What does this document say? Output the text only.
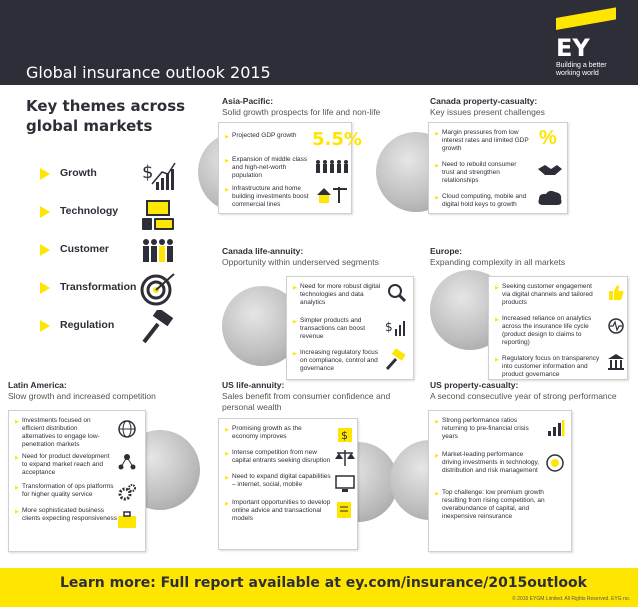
Global insurance outlook 2015
EY
Building a better working world
Key themes across global markets
Growth	$
Technology
Customer
Transformation
Regulation
Asia-Pacific:
Solid growth prospects for life and non-life
▶ Projected GDP growth 5.5%
▶ Expansion of middle class and high-net-worth population
▶ Infrastructure and home building investments boost commercial lines
Canada property-casualty:
Key issues present challenges
▶ Margin pressures from low interest rates and limited GDP growth
▶ Need to rebuild consumer trust and strengthen relationships
▶ Cloud computing, mobile and digital hold keys to growth
%
Canada life-annuity:
Opportunity within underserved segments
▶ Need for more robust digital technologies and data analytics
▶ Simpler products and transactions can boost revenue
▶ Increasing regulatory focus on compliance, control and governance
$
Europe:
Expanding complexity in all markets
▶ Seeking customer engagement via digital channels and tailored products
▶ Increased reliance on analytics across the insurance life cycle (product design to claims to reporting)
▶ Regulatory focus on transparency into customer information and product governance
Latin America:
Slow growth and increased competition
▶ Investments focused on efficient distribution alternatives to engage low-penetration markets
▶ Need for product development to expand market reach and acceptance
▶ Transformation of ops platforms for higher quality service
▶ More sophisticated business clients expecting responsiveness
US life-annuity:
Sales benefit from consumer confidence and personal wealth
▶ Promising growth as the economy improves
▶ Intense competition from new capital entrants seeking disruption
▶ Need to expand digital capabilities – internet, social, mobile
▶ Important opportunities to develop online advice and transactional models
$
US property-casualty:
A second consecutive year of strong performance
▶ Strong performance ratios returning to pre-financial crisis years
▶ Market-leading performance driving investments in technology, distribution and risk management
▶ Top challenge: low premium growth resulting from rising competition, an overabundance of capital, and inexpensive reinsurance
Learn more: Full report available at ey.com/insurance/2015outlook
© 2015 EYGM Limited. All Rights Reserved. EYG no.
